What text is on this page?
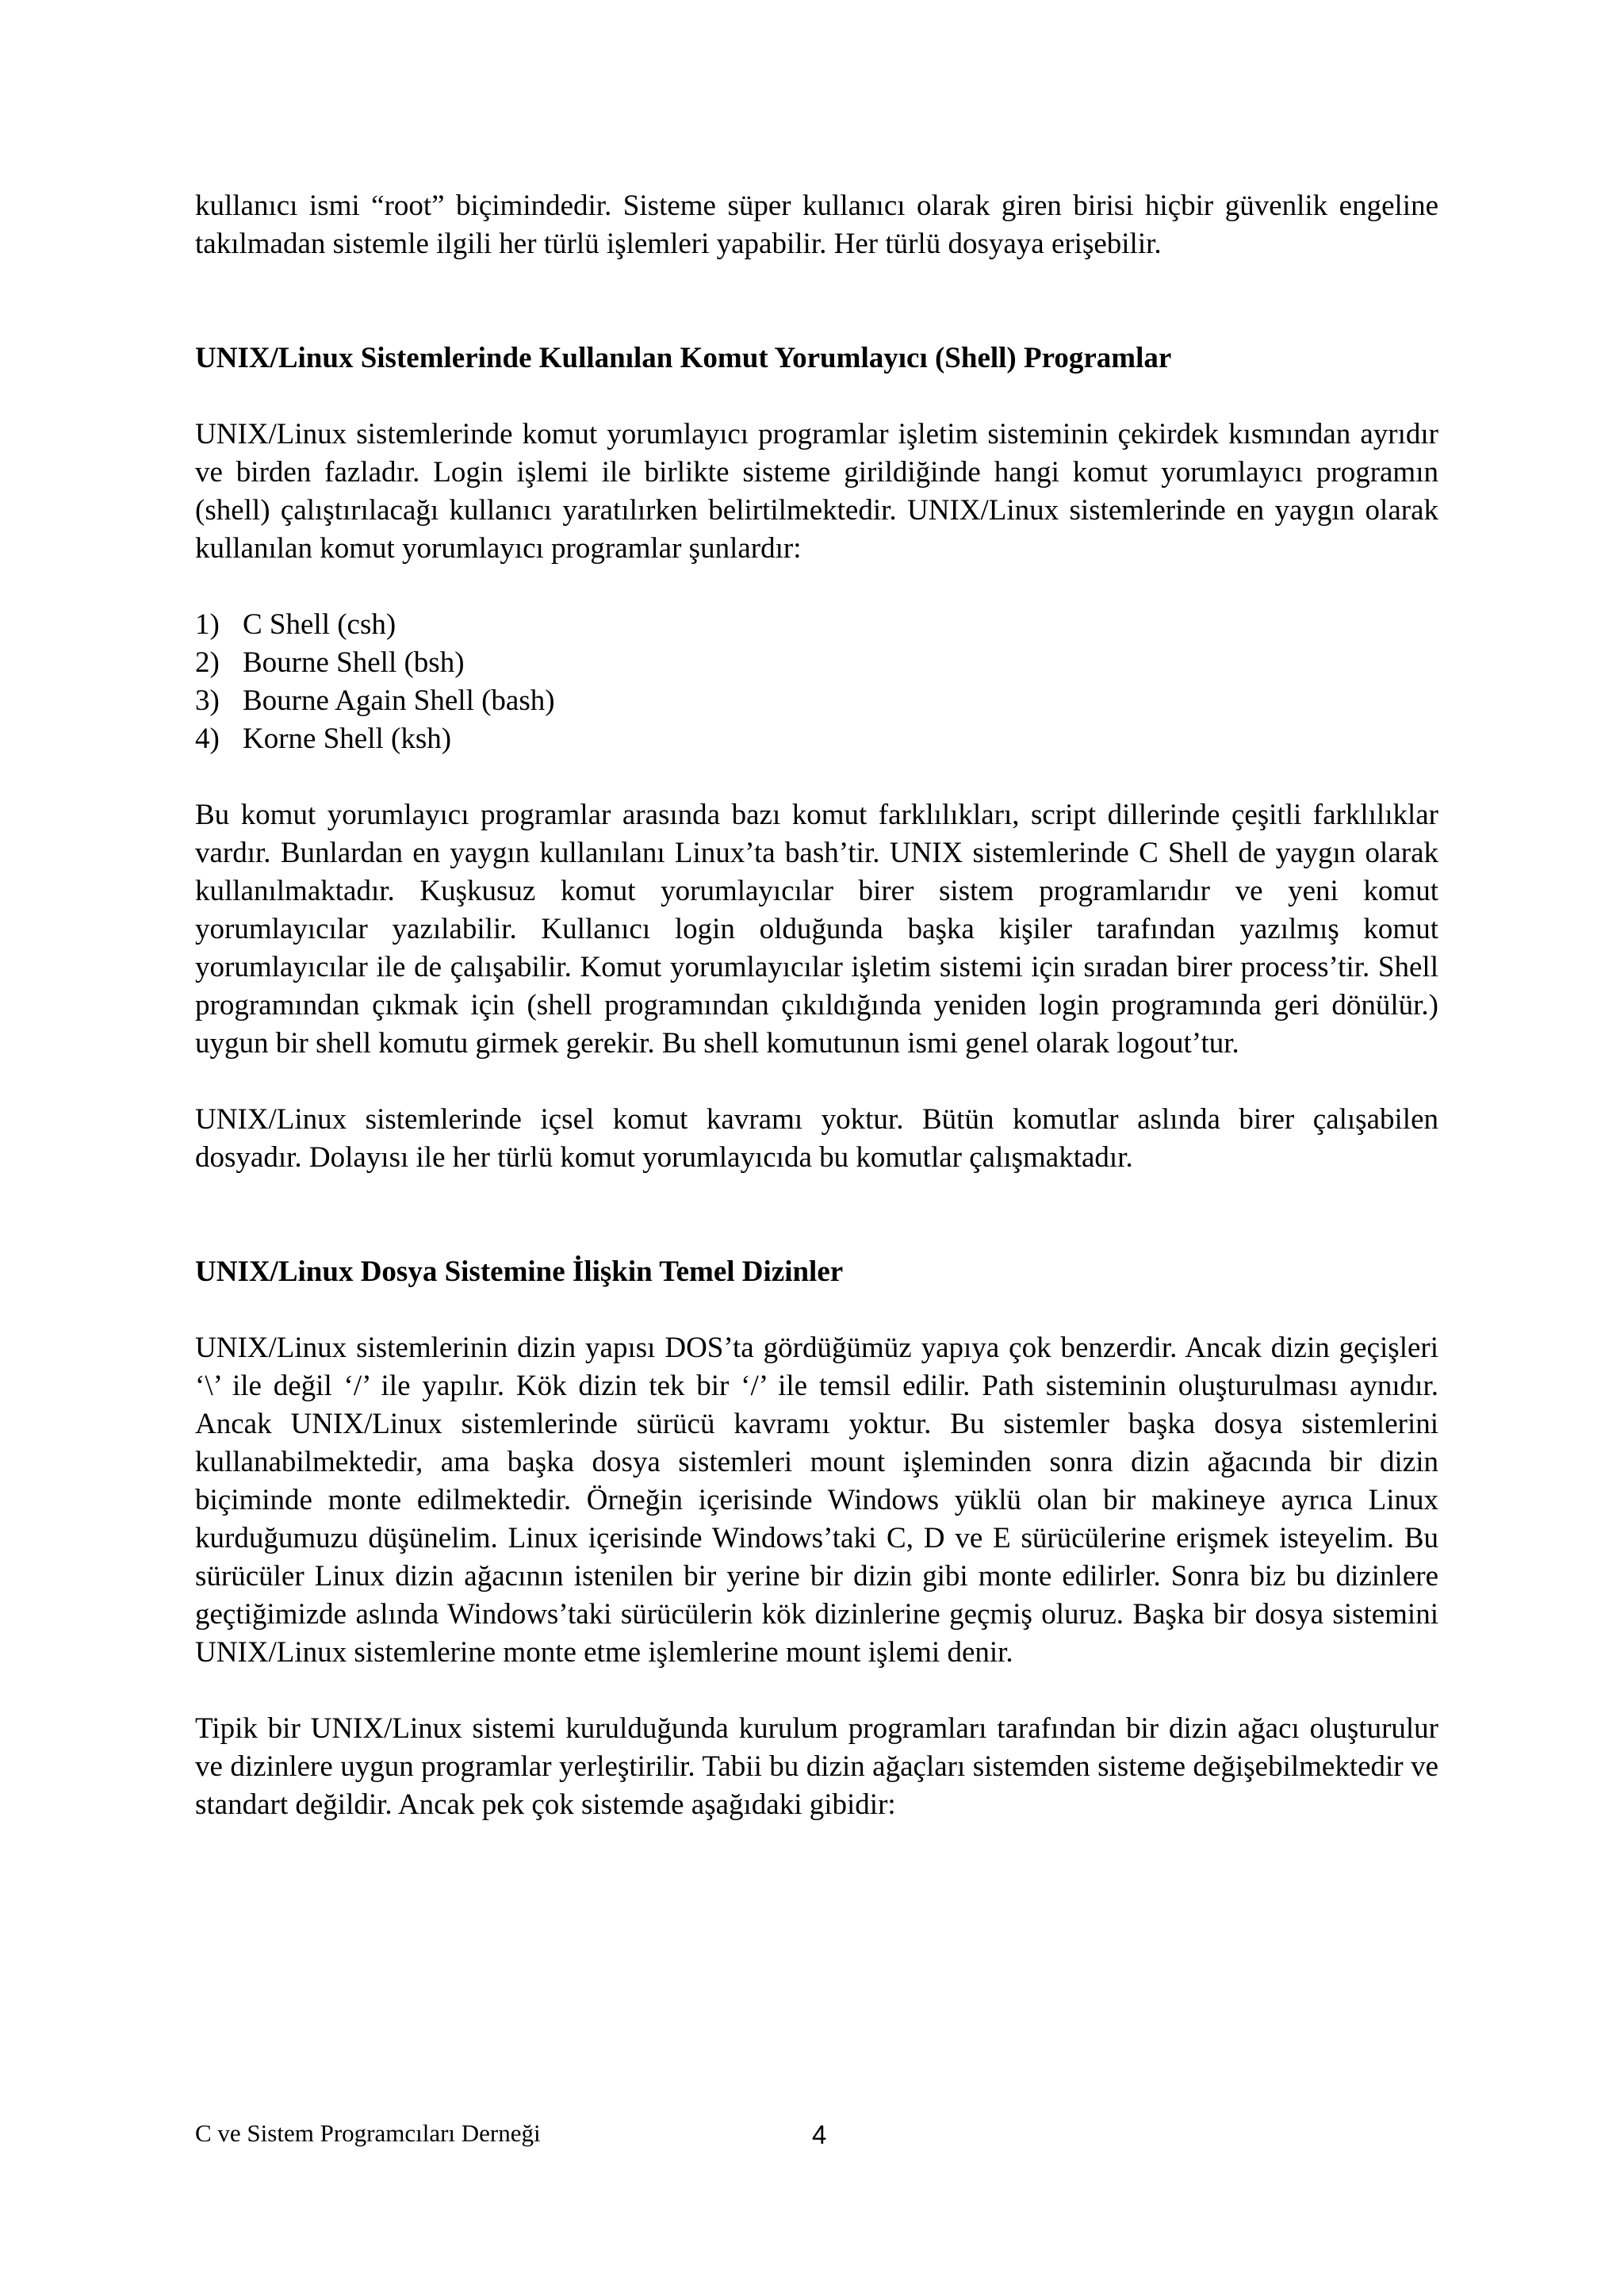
kullanıcı ismi “root” biçimindedir. Sisteme süper kullanıcı olarak giren birisi hiçbir güvenlik engeline takılmadan sistemle ilgili her türlü işlemleri yapabilir. Her türlü dosyaya erişebilir.

UNIX/Linux Sistemlerinde Kullanılan Komut Yorumlayıcı (Shell) Programlar

UNIX/Linux sistemlerinde komut yorumlayıcı programlar işletim sisteminin çekirdek kısmından ayrıdır ve birden fazladır. Login işlemi ile birlikte sisteme girildiğinde hangi komut yorumlayıcı programın (shell) çalıştırılacağı kullanıcı yaratılırken belirtilmektedir. UNIX/Linux sistemlerinde en yaygın olarak kullanılan komut yorumlayıcı programlar şunlardır:

1) C Shell (csh)
2) Bourne Shell (bsh)
3) Bourne Again Shell (bash)
4) Korne Shell (ksh)

Bu komut yorumlayıcı programlar arasında bazı komut farklılıkları, script dillerinde çeşitli farklılıklar vardır. Bunlardan en yaygın kullanılanı Linux’ta bash’tir. UNIX sistemlerinde C Shell de yaygın olarak kullanılmaktadır. Kuşkusuz komut yorumlayıcılar birer sistem programlarıdır ve yeni komut yorumlayıcılar yazılabilir. Kullanıcı login olduğunda başka kişiler tarafından yazılmış komut yorumlayıcılar ile de çalışabilir. Komut yorumlayıcılar işletim sistemi için sıradan birer process’tir. Shell programından çıkmak için (shell programından çıkıldığında yeniden login programında geri dönülür.) uygun bir shell komutu girmek gerekir. Bu shell komutunun ismi genel olarak logout’tur.

UNIX/Linux sistemlerinde içsel komut kavramı yoktur. Bütün komutlar aslında birer çalışabilen dosyadır. Dolayısı ile her türlü komut yorumlayıcıda bu komutlar çalışmaktadır.

UNIX/Linux Dosya Sistemine İlişkin Temel Dizinler

UNIX/Linux sistemlerinin dizin yapısı DOS’ta gördüğümüz yapıya çok benzerdir. Ancak dizin geçişleri ‘\’ ile değil ‘/’ ile yapılır. Kök dizin tek bir ‘/’ ile temsil edilir. Path sisteminin oluşturulması aynıdır. Ancak UNIX/Linux sistemlerinde sürücü kavramı yoktur. Bu sistemler başka dosya sistemlerini kullanabilmektedir, ama başka dosya sistemleri mount işleminden sonra dizin ağacında bir dizin biçiminde monte edilmektedir. Örneğin içerisinde Windows yüklü olan bir makineye ayrıca Linux kurduğumuzu düşünelim. Linux içerisinde Windows’taki C, D ve E sürücülerine erişmek isteyelim. Bu sürücüler Linux dizin ağacının istenilen bir yerine bir dizin gibi monte edilirler. Sonra biz bu dizinlere geçtiğimizde aslında Windows’taki sürücülerin kök dizinlerine geçmiş oluruz. Başka bir dosya sistemini UNIX/Linux sistemlerine monte etme işlemlerine mount işlemi denir.

Tipik bir UNIX/Linux sistemi kurulduğunda kurulum programları tarafından bir dizin ağacı oluşturulur ve dizinlere uygun programlar yerleştirilir. Tabii bu dizin ağaçları sistemden sisteme değişebilmektedir ve standart değildir. Ancak pek çok sistemde aşağıdaki gibidir:

C ve Sistem Programcıları Derneği	4
